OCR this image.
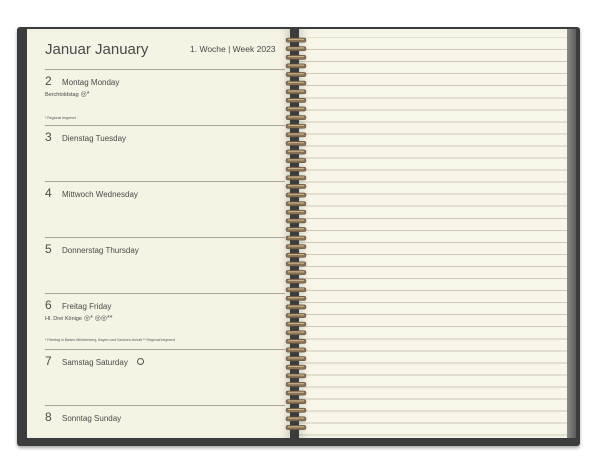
Januar January	1. Woche | Week 2023
2	Montag Monday
Berchtoldstag ◎*
* Regional begrenzt
3	Dienstag Tuesday
4	Mittwoch Wednesday
5	Donnerstag Thursday
6	Freitag Friday
Hl. Drei Könige ◎* ◎◎**
* Feiertag in Baden-Württemberg, Bayern und Sachsen-Anhalt ** Regional begrenzt
7	Samstag Saturday
8	Sonntag Sunday
